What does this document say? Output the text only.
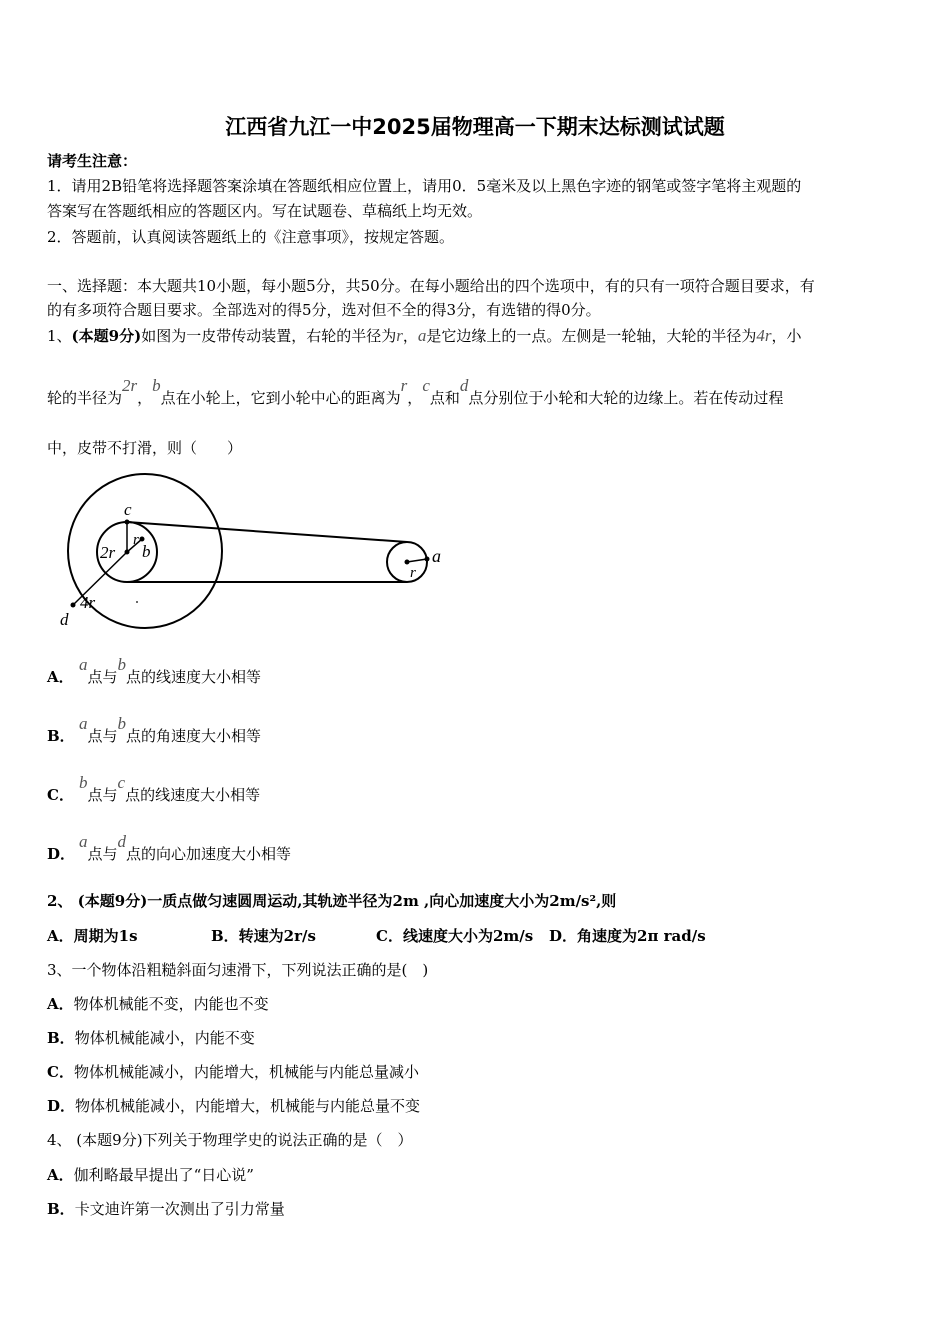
江西省九江一中2025届物理高一下期末达标测试试题
请考生注意：
1．请用2B铅笔将选择题答案涂填在答题纸相应位置上，请用0．5毫米及以上黑色字迹的钢笔或签字笔将主观题的
答案写在答题纸相应的答题区内。写在试题卷、草稿纸上均无效。
2．答题前，认真阅读答题纸上的《注意事项》，按规定答题。
一、选择题：本大题共10小题，每小题5分，共50分。在每小题给出的四个选项中，有的只有一项符合题目要求，有
的有多项符合题目要求。全部选对的得5分，选对但不全的得3分，有选错的得0分。
1、(本题9分)如图为一皮带传动装置，右轮的半径为r，a是它边缘上的一点。左侧是一轮轴，大轮的半径为4r，小
轮的半径为2r，b点在小轮上，它到小轮中心的距离为r，c点和d点分别位于小轮和大轮的边缘上。若在传动过程
中，皮带不打滑，则（　　）
c
r
b
2r
4r
d
a
r
A．a点与b点的线速度大小相等
B．a点与b点的角速度大小相等
C．b点与c点的线速度大小相等
D．a点与d点的向心加速度大小相等
2、 (本题9分)一质点做匀速圆周运动,其轨迹半径为2m ,向心加速度大小为2m/s²,则
A．周期为1s	B．转速为2r/s	C．线速度大小为2m/s D．角速度为2π rad/s
3、一个物体沿粗糙斜面匀速滑下，下列说法正确的是(　)
A．物体机械能不变，内能也不变
B．物体机械能减小，内能不变
C．物体机械能减小，内能增大，机械能与内能总量减小
D．物体机械能减小，内能增大，机械能与内能总量不变
4、 (本题9分)下列关于物理学史的说法正确的是（　）
A．伽利略最早提出了“日心说”
B．卡文迪许第一次测出了引力常量
